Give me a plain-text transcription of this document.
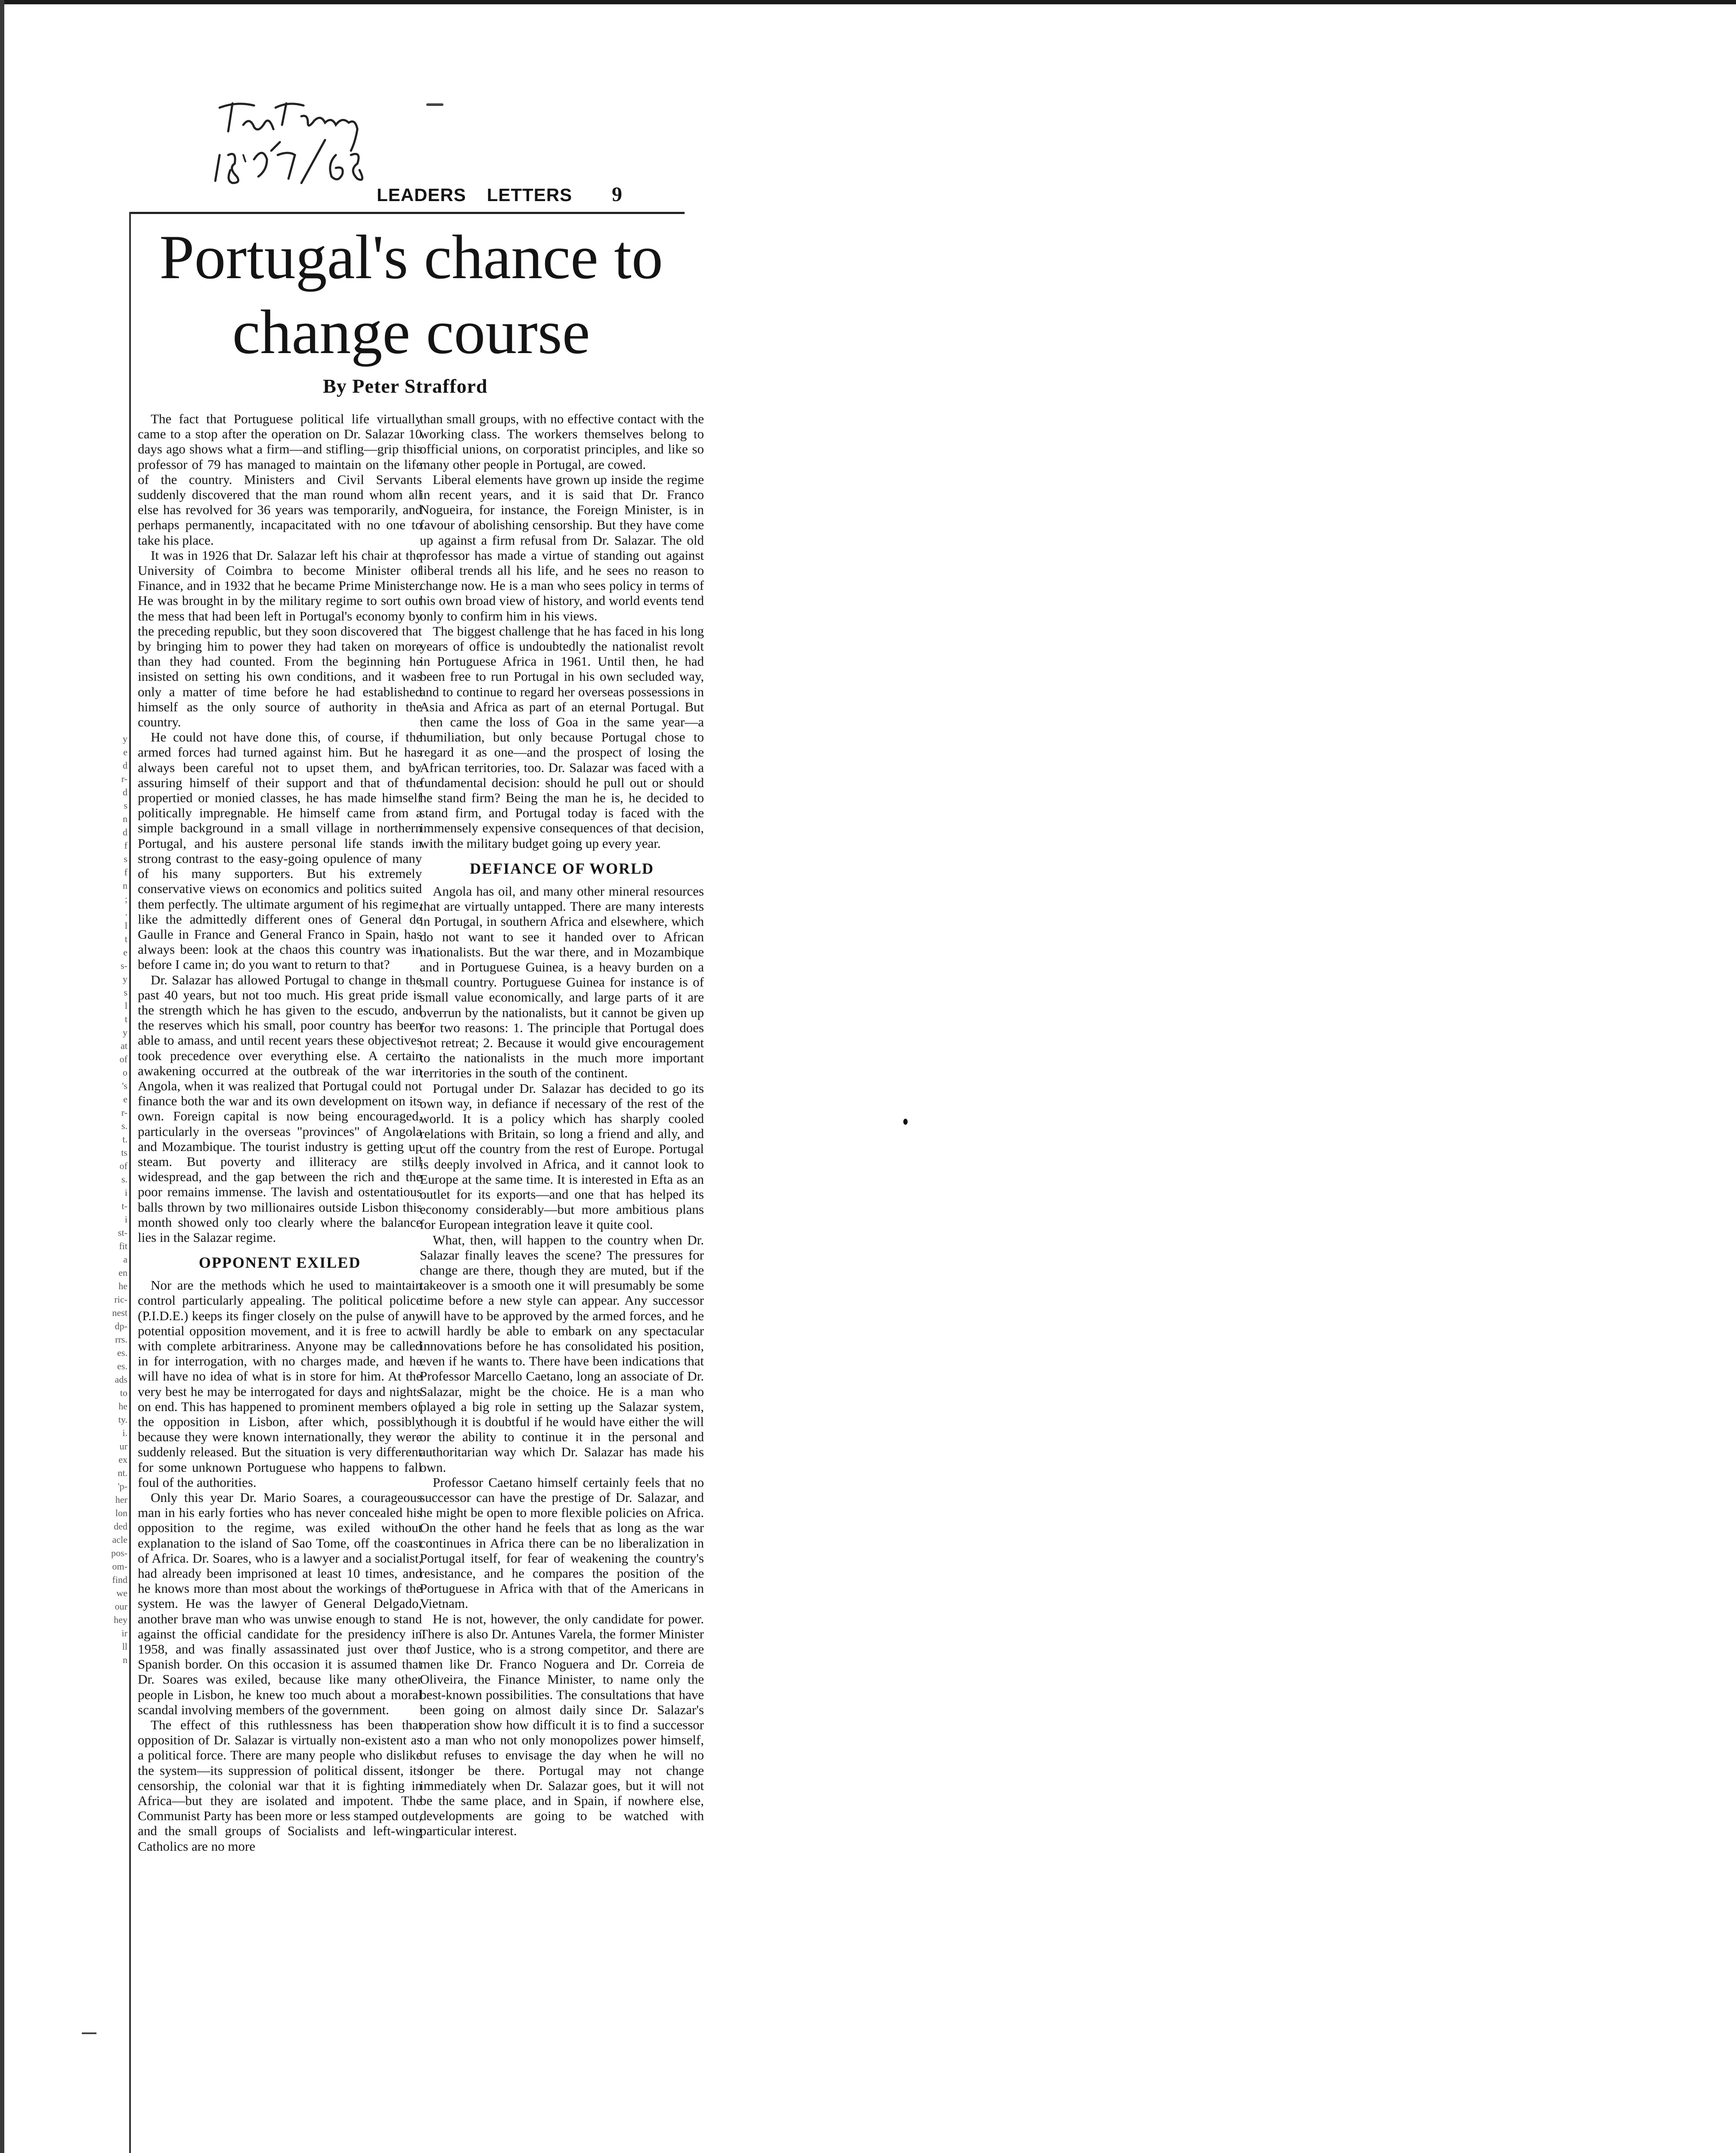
LEADERS LETTERS 9
Portugal's chance to change course
By Peter Strafford

The fact that Portuguese political life virtually came to a stop after the operation on Dr. Salazar 10 days ago shows what a firm—and stifling—grip this professor of 79 has managed to maintain on the life of the country. Ministers and Civil Servants suddenly discovered that the man round whom all else has revolved for 36 years was temporarily, and perhaps permanently, incapacitated with no one to take his place.

It was in 1926 that Dr. Salazar left his chair at the University of Coimbra to become Minister of Finance, and in 1932 that he became Prime Minister. He was brought in by the military regime to sort out the mess that had been left in Portugal's economy by the preceding republic, but they soon discovered that by bringing him to power they had taken on more than they had counted. From the beginning he insisted on setting his own conditions, and it was only a matter of time before he had established himself as the only source of authority in the country.

He could not have done this, of course, if the armed forces had turned against him. But he has always been careful not to upset them, and by assuring himself of their support and that of the propertied or monied classes, he has made himself politically impregnable. He himself came from a simple background in a small village in northern Portugal, and his austere personal life stands in strong contrast to the easy-going opulence of many of his many supporters. But his extremely conservative views on economics and politics suited them perfectly. The ultimate argument of his regime, like the admittedly different ones of General de Gaulle in France and General Franco in Spain, has always been: look at the chaos this country was in before I came in; do you want to return to that?

Dr. Salazar has allowed Portugal to change in the past 40 years, but not too much. His great pride is the strength which he has given to the escudo, and the reserves which his small, poor country has been able to amass, and until recent years these objectives took precedence over everything else. A certain awakening occurred at the outbreak of the war in Angola, when it was realized that Portugal could not finance both the war and its own development on its own. Foreign capital is now being encouraged, particularly in the overseas "provinces" of Angola and Mozambique. The tourist industry is getting up steam. But poverty and illiteracy are still widespread, and the gap between the rich and the poor remains immense. The lavish and ostentatious balls thrown by two millionaires outside Lisbon this month showed only too clearly where the balance lies in the Salazar regime.

OPPONENT EXILED

Nor are the methods which he used to maintain control particularly appealing. The political police (P.I.D.E.) keeps its finger closely on the pulse of any potential opposition movement, and it is free to act with complete arbitrariness. Anyone may be called in for interrogation, with no charges made, and he will have no idea of what is in store for him. At the very best he may be interrogated for days and nights on end. This has happened to prominent members of the opposition in Lisbon, after which, possibly because they were known internationally, they were suddenly released. But the situation is very different for some unknown Portuguese who happens to fall foul of the authorities.

Only this year Dr. Mario Soares, a courageous man in his early forties who has never concealed his opposition to the regime, was exiled without explanation to the island of Sao Tome, off the coast of Africa. Dr. Soares, who is a lawyer and a socialist, had already been imprisoned at least 10 times, and he knows more than most about the workings of the system. He was the lawyer of General Delgado, another brave man who was unwise enough to stand against the official candidate for the presidency in 1958, and was finally assassinated just over the Spanish border. On this occasion it is assumed that Dr. Soares was exiled, because like many other people in Lisbon, he knew too much about a moral scandal involving members of the government.

The effect of this ruthlessness has been that opposition of Dr. Salazar is virtually non-existent as a political force. There are many people who dislike the system—its suppression of political dissent, its censorship, the colonial war that it is fighting in Africa—but they are isolated and impotent. The Communist Party has been more or less stamped out, and the small groups of Socialists and left-wing Catholics are no more

than small groups, with no effective contact with the working class. The workers themselves belong to official unions, on corporatist principles, and like so many other people in Portugal, are cowed.

Liberal elements have grown up inside the regime in recent years, and it is said that Dr. Franco Nogueira, for instance, the Foreign Minister, is in favour of abolishing censorship. But they have come up against a firm refusal from Dr. Salazar. The old professor has made a virtue of standing out against liberal trends all his life, and he sees no reason to change now. He is a man who sees policy in terms of his own broad view of history, and world events tend only to confirm him in his views.

The biggest challenge that he has faced in his long years of office is undoubtedly the nationalist revolt in Portuguese Africa in 1961. Until then, he had been free to run Portugal in his own secluded way, and to continue to regard her overseas possessions in Asia and Africa as part of an eternal Portugal. But then came the loss of Goa in the same year—a humiliation, but only because Portugal chose to regard it as one—and the prospect of losing the African territories, too. Dr. Salazar was faced with a fundamental decision: should he pull out or should he stand firm? Being the man he is, he decided to stand firm, and Portugal today is faced with the immensely expensive consequences of that decision, with the military budget going up every year.

DEFIANCE OF WORLD

Angola has oil, and many other mineral resources that are virtually untapped. There are many interests in Portugal, in southern Africa and elsewhere, which do not want to see it handed over to African nationalists. But the war there, and in Mozambique and in Portuguese Guinea, is a heavy burden on a small country. Portuguese Guinea for instance is of small value economically, and large parts of it are overrun by the nationalists, but it cannot be given up for two reasons: 1. The principle that Portugal does not retreat; 2. Because it would give encouragement to the nationalists in the much more important territories in the south of the continent.

Portugal under Dr. Salazar has decided to go its own way, in defiance if necessary of the rest of the world. It is a policy which has sharply cooled relations with Britain, so long a friend and ally, and cut off the country from the rest of Europe. Portugal is deeply involved in Africa, and it cannot look to Europe at the same time. It is interested in Efta as an outlet for its exports—and one that has helped its economy considerably—but more ambitious plans for European integration leave it quite cool.

What, then, will happen to the country when Dr. Salazar finally leaves the scene? The pressures for change are there, though they are muted, but if the takeover is a smooth one it will presumably be some time before a new style can appear. Any successor will have to be approved by the armed forces, and he will hardly be able to embark on any spectacular innovations before he has consolidated his position, even if he wants to. There have been indications that Professor Marcello Caetano, long an associate of Dr. Salazar, might be the choice. He is a man who played a big role in setting up the Salazar system, though it is doubtful if he would have either the will or the ability to continue it in the personal and authoritarian way which Dr. Salazar has made his own.

Professor Caetano himself certainly feels that no successor can have the prestige of Dr. Salazar, and he might be open to more flexible policies on Africa. On the other hand he feels that as long as the war continues in Africa there can be no liberalization in Portugal itself, for fear of weakening the country's resistance, and he compares the position of the Portuguese in Africa with that of the Americans in Vietnam.

He is not, however, the only candidate for power. There is also Dr. Antunes Varela, the former Minister of Justice, who is a strong competitor, and there are men like Dr. Franco Noguera and Dr. Correia de Oliveira, the Finance Minister, to name only the best-known possibilities. The consultations that have been going on almost daily since Dr. Salazar's operation show how difficult it is to find a successor to a man who not only monopolizes power himself, but refuses to envisage the day when he will no longer be there. Portugal may not change immediately when Dr. Salazar goes, but it will not be the same place, and in Spain, if nowhere else, developments are going to be watched with particular interest.

y
e
d
r-
d
s
n
d
f
s
f
n
;
.
l
t
e
s-
y
s
l
t
y
at
of
o
's
e
r-
s.
t.
ts
of
s.
i
t-
i
st-
fit
a
en
he
ric-
nest
dp-
rrs.
es.
es.
ads
to
he
ty.
i.
ur
ex
nt.
'p-
her
lon
ded
acle
pos-
om-
find
we
our
hey
ir
ll
n
